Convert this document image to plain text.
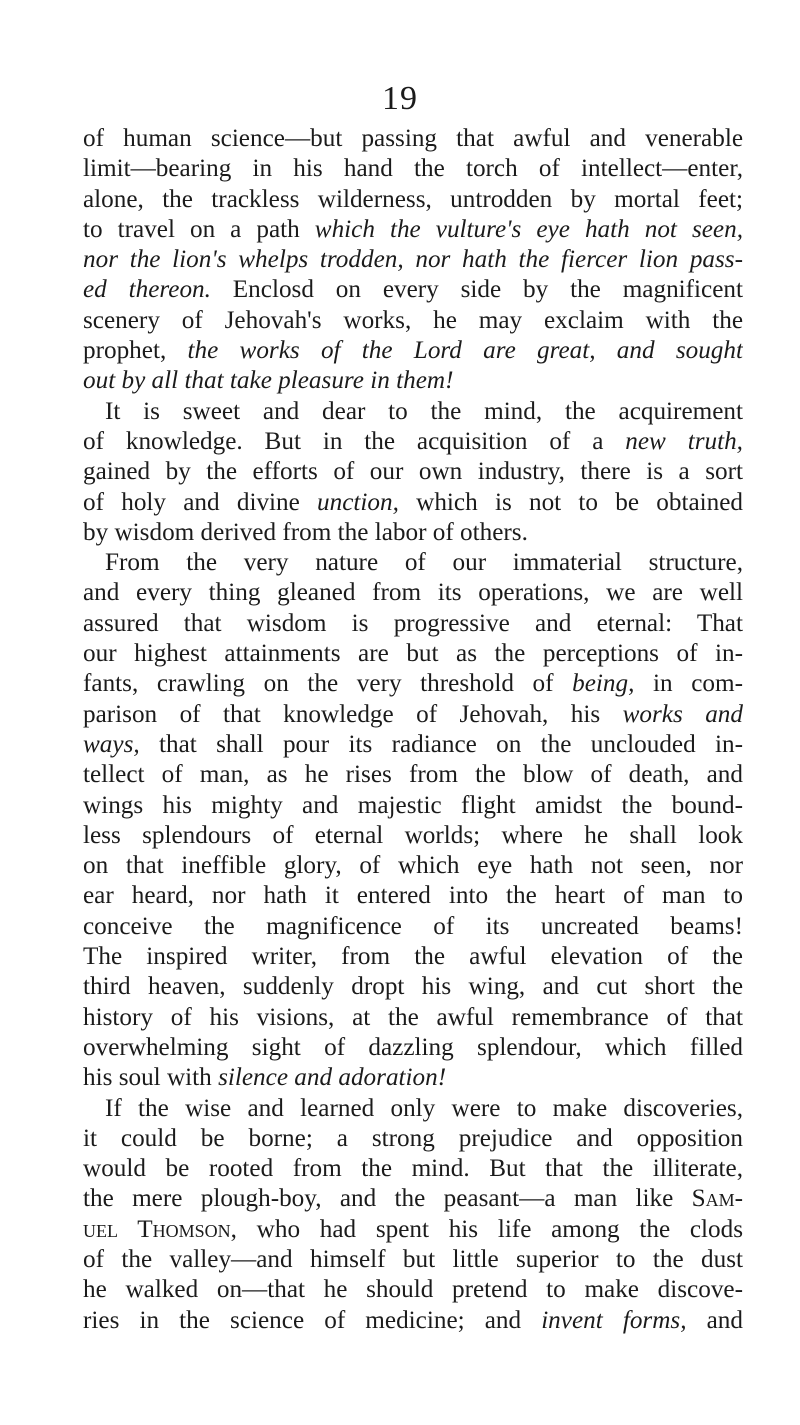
19
of human science—but passing that awful and venerable
limit—bearing in his hand the torch of intellect—enter,
alone, the trackless wilderness, untrodden by mortal feet;
to travel on a path which the vulture's eye hath not seen,
nor the lion's whelps trodden, nor hath the fiercer lion pass-
ed thereon. Enclosd on every side by the magnificent
scenery of Jehovah's works, he may exclaim with the
prophet, the works of the Lord are great, and sought
out by all that take pleasure in them!
It is sweet and dear to the mind, the acquirement
of knowledge. But in the acquisition of a new truth,
gained by the efforts of our own industry, there is a sort
of holy and divine unction, which is not to be obtained
by wisdom derived from the labor of others.
From the very nature of our immaterial structure,
and every thing gleaned from its operations, we are well
assured that wisdom is progressive and eternal: That
our highest attainments are but as the perceptions of in-
fants, crawling on the very threshold of being, in com-
parison of that knowledge of Jehovah, his works and
ways, that shall pour its radiance on the unclouded in-
tellect of man, as he rises from the blow of death, and
wings his mighty and majestic flight amidst the bound-
less splendours of eternal worlds; where he shall look
on that ineffible glory, of which eye hath not seen, nor
ear heard, nor hath it entered into the heart of man to
conceive the magnificence of its uncreated beams!
The inspired writer, from the awful elevation of the
third heaven, suddenly dropt his wing, and cut short the
history of his visions, at the awful remembrance of that
overwhelming sight of dazzling splendour, which filled
his soul with silence and adoration!
If the wise and learned only were to make discoveries,
it could be borne; a strong prejudice and opposition
would be rooted from the mind. But that the illiterate,
the mere plough-boy, and the peasant—a man like Sam-
uel Thomson, who had spent his life among the clods
of the valley—and himself but little superior to the dust
he walked on—that he should pretend to make discove-
ries in the science of medicine; and invent forms, and
